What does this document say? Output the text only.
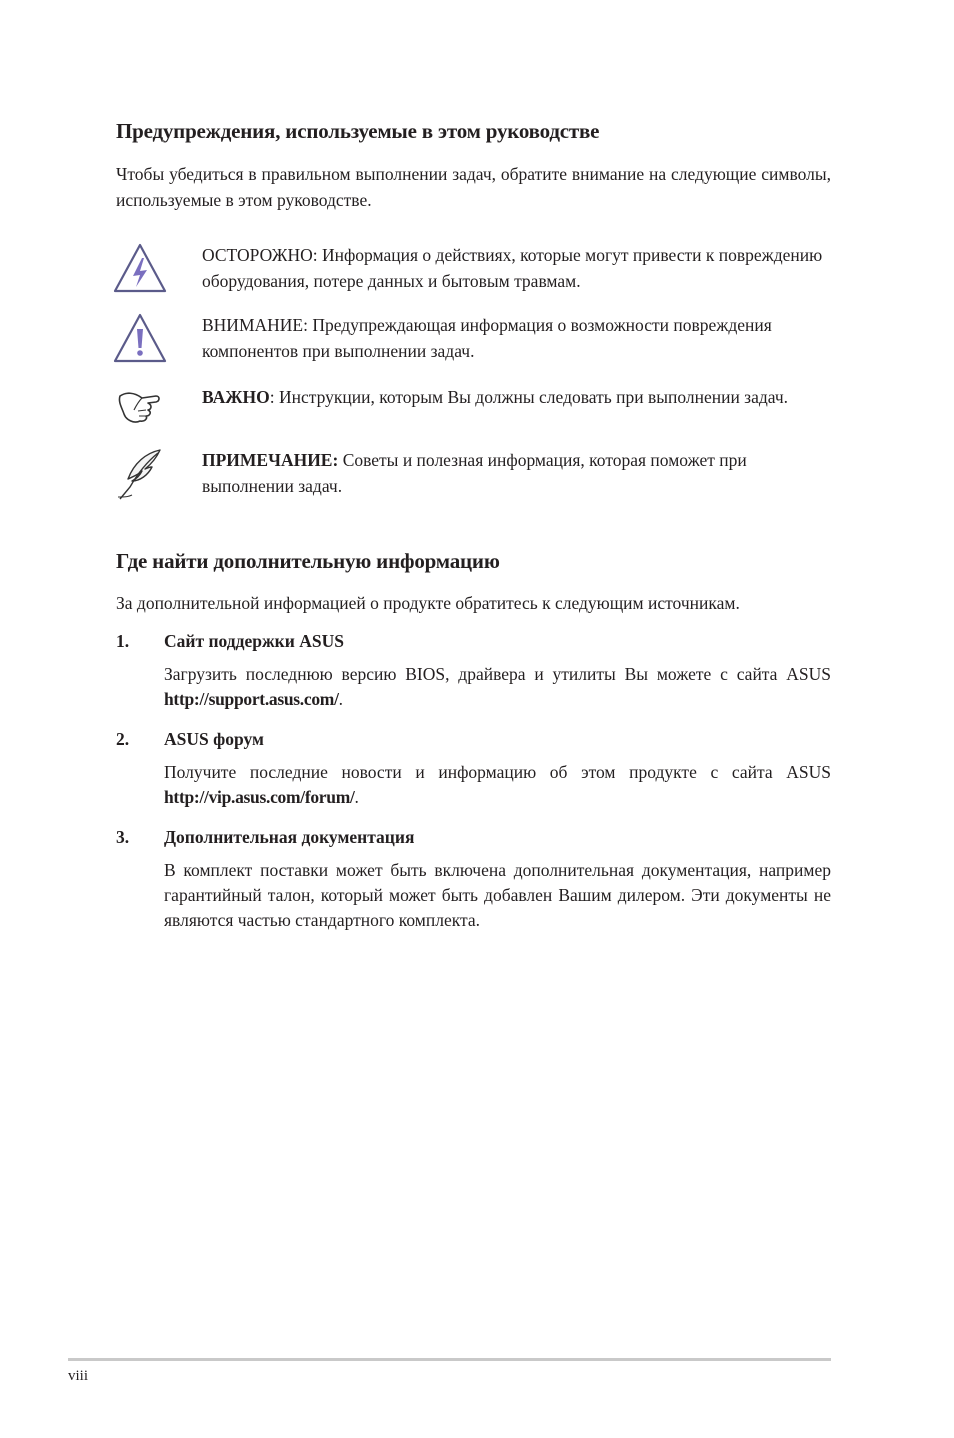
Предупреждения, используемые в этом руководстве

Чтобы убедиться в правильном выполнении задач, обратите внимание на следующие символы, используемые в этом руководстве.

ОСТОРОЖНО: Информация о действиях, которые могут привести к повреждению оборудования, потере данных и бытовым травмам.

ВНИМАНИЕ: Предупреждающая информация о возможности повреждения компонентов при выполнении задач.

ВАЖНО: Инструкции, которым Вы должны следовать при выполнении задач.

ПРИМЕЧАНИЕ: Советы и полезная информация, которая поможет при выполнении задач.

Где найти дополнительную информацию

За дополнительной информацией о продукте обратитесь к следующим источникам.

1. Сайт поддержки ASUS

Загрузить последнюю версию BIOS, драйвера и утилиты Вы можете с сайта ASUS http://support.asus.com/.

2. ASUS форум

Получите последние новости и информацию об этом продукте с сайта ASUS http://vip.asus.com/forum/.

3. Дополнительная документация

В комплект поставки может быть включена дополнительная документация, например гарантийный талон, который может быть добавлен Вашим дилером. Эти документы не являются частью стандартного комплекта.

viii
